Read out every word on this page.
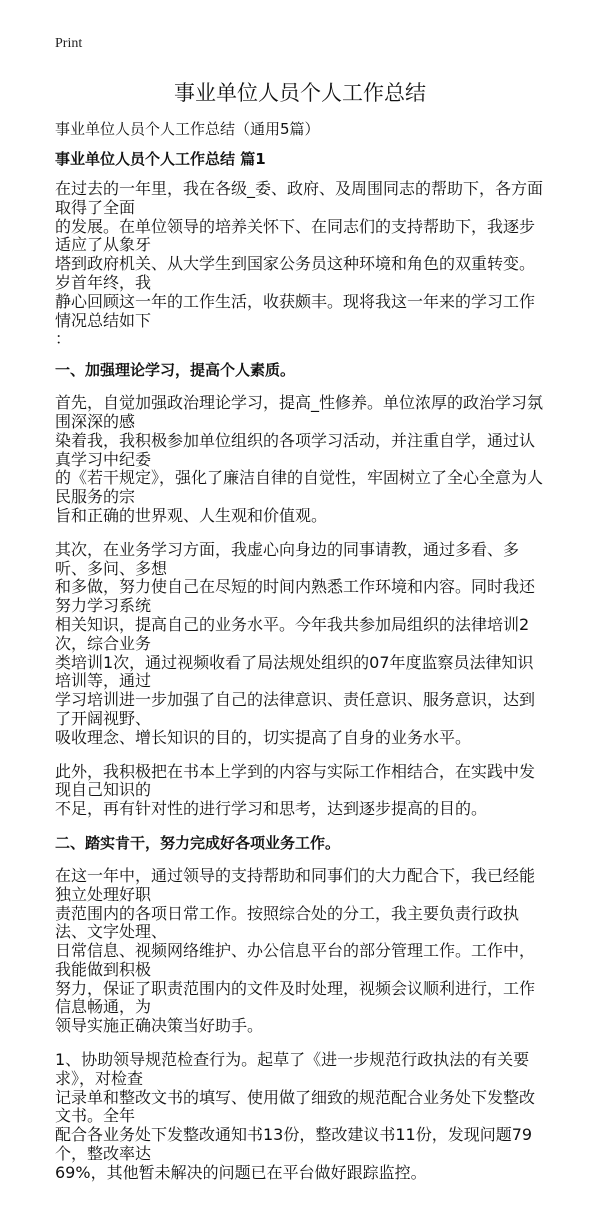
Print
事业单位人员个人工作总结
事业单位人员个人工作总结（通用5篇）
事业单位人员个人工作总结 篇1
在过去的一年里，我在各级_委、政府、及周围同志的帮助下，各方面取得了全面
的发展。在单位领导的培养关怀下、在同志们的支持帮助下，我逐步适应了从象牙
塔到政府机关、从大学生到国家公务员这种环境和角色的双重转变。岁首年终，我
静心回顾这一年的工作生活，收获颇丰。现将我这一年来的学习工作情况总结如下
：
一、加强理论学习，提高个人素质。
首先，自觉加强政治理论学习，提高_性修养。单位浓厚的政治学习氛围深深的感
染着我，我积极参加单位组织的各项学习活动，并注重自学，通过认真学习中纪委
的《若干规定》，强化了廉洁自律的自觉性，牢固树立了全心全意为人民服务的宗
旨和正确的世界观、人生观和价值观。
其次，在业务学习方面，我虚心向身边的同事请教，通过多看、多听、多问、多想
和多做，努力使自己在尽短的时间内熟悉工作环境和内容。同时我还努力学习系统
相关知识，提高自己的业务水平。今年我共参加局组织的法律培训2次，综合业务
类培训1次，通过视频收看了局法规处组织的07年度监察员法律知识培训等，通过
学习培训进一步加强了自己的法律意识、责任意识、服务意识，达到了开阔视野、
吸收理念、增长知识的目的，切实提高了自身的业务水平。
此外，我积极把在书本上学到的内容与实际工作相结合，在实践中发现自己知识的
不足，再有针对性的进行学习和思考，达到逐步提高的目的。
二、踏实肯干，努力完成好各项业务工作。
在这一年中，通过领导的支持帮助和同事们的大力配合下，我已经能独立处理好职
责范围内的各项日常工作。按照综合处的分工，我主要负责行政执法、文字处理、
日常信息、视频网络维护、办公信息平台的部分管理工作。工作中，我能做到积极
努力，保证了职责范围内的文件及时处理，视频会议顺利进行，工作信息畅通，为
领导实施正确决策当好助手。
1、协助领导规范检查行为。起草了《进一步规范行政执法的有关要求》，对检查
记录单和整改文书的填写、使用做了细致的规范配合业务处下发整改文书。全年
配合各业务处下发整改通知书13份，整改建议书11份，发现问题79个，整改率达
69%，其他暂未解决的问题已在平台做好跟踪监控。
